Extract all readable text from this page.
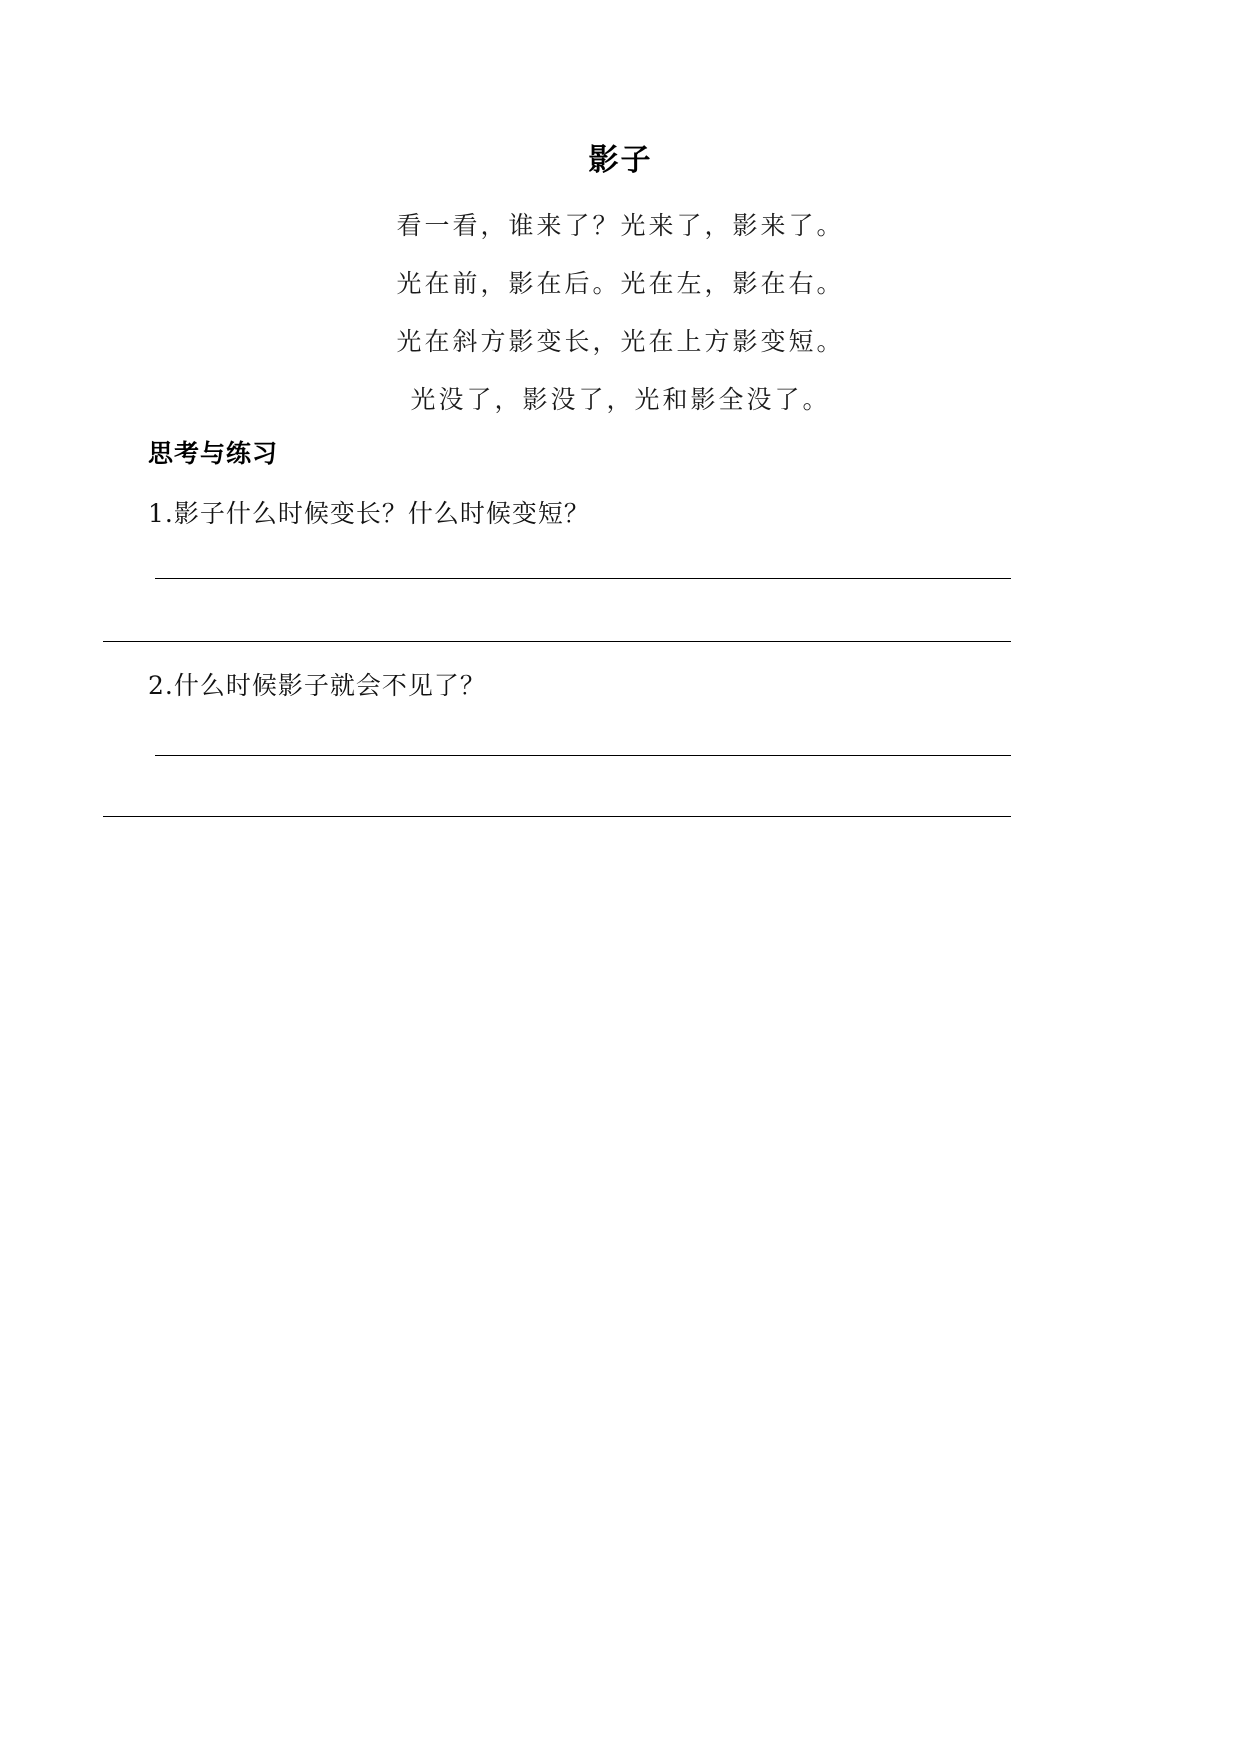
影子
看一看，谁来了？光来了，影来了。
光在前，影在后。光在左，影在右。
光在斜方影变长，光在上方影变短。
光没了，影没了，光和影全没了。
思考与练习
1.影子什么时候变长？什么时候变短？
2.什么时候影子就会不见了？
